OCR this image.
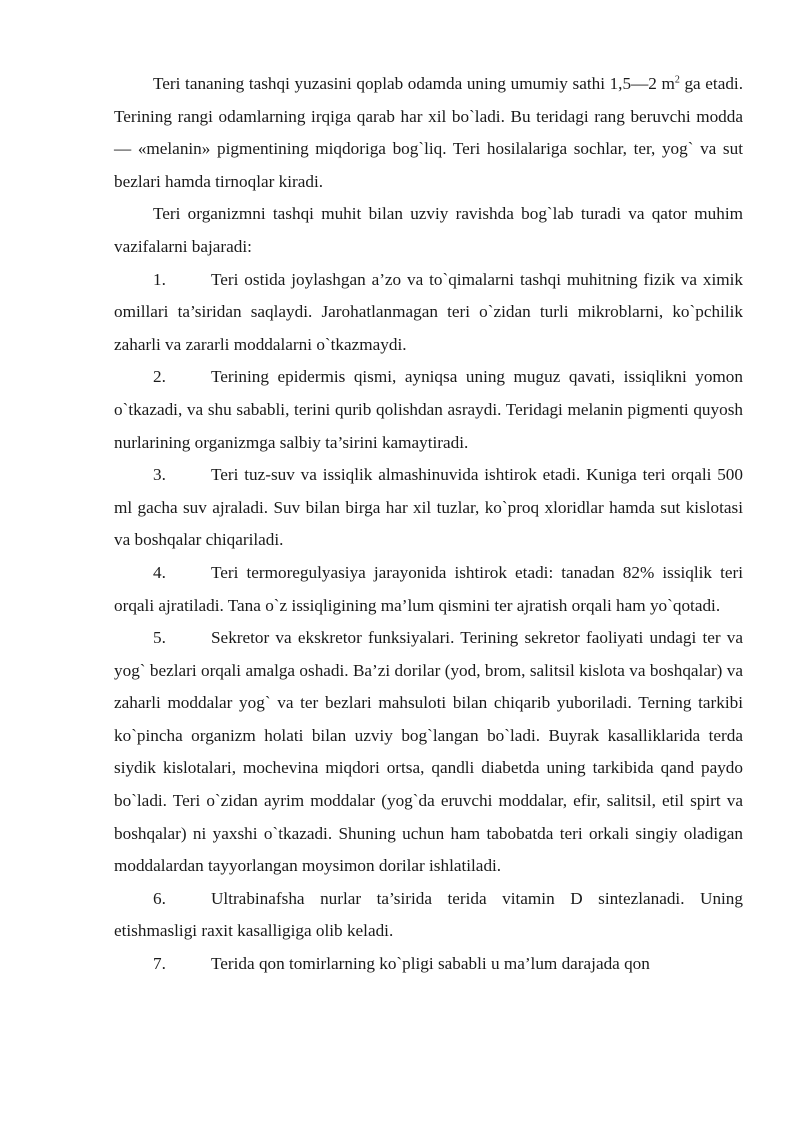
Teri tananing tashqi yuzasini qoplab odamda uning umumiy sathi 1,5—2 $m^2$ ga etadi. Terining rangi odamlarning irqiga qarab har xil bo`ladi. Bu teridagi rang beruvchi modda — «melanin» pigmentining miqdoriga bog`liq. Teri hosilalariga sochlar, ter, yog` va sut bezlari hamda tirnoqlar kiradi.

Teri organizmni tashqi muhit bilan uzviy ravishda bog`lab turadi va qator muhim vazifalarni bajaradi:

1.	Teri ostida joylashgan a’zo va to`qimalarni tashqi muhitning fizik va ximik omillari ta’siridan saqlaydi. Jarohatlanmagan teri o`zidan turli mikroblarni, ko`pchilik zaharli va zararli moddalarni o`tkazmaydi.

2.	Terining epidermis qismi, ayniqsa uning muguz qavati, issiqlikni yomon o`tkazadi, va shu sababli, terini qurib qolishdan asraydi. Teridagi melanin pigmenti quyosh nurlarining organizmga salbiy ta’sirini kamaytiradi.

3.	Teri tuz-suv va issiqlik almashinuvida ishtirok etadi. Kuniga teri orqali 500 ml gacha suv ajraladi. Suv bilan birga har xil tuzlar, ko`proq xloridlar hamda sut kislotasi va boshqalar chiqariladi.

4.	Teri termoregulyasiya jarayonida ishtirok etadi: tanadan 82% issiqlik teri orqali ajratiladi. Tana o`z issiqligining ma’lum qismini ter ajratish orqali ham yo`qotadi.

5.	Sekretor va ekskretor funksiyalari. Terining sekretor faoliyati undagi ter va yog` bezlari orqali amalga oshadi. Ba’zi dorilar (yod, brom, salitsil kislota va boshqalar) va zaharli moddalar yog` va ter bezlari mahsuloti bilan chiqarib yuboriladi. Terning tarkibi ko`pincha organizm holati bilan uzviy bog`langan bo`ladi. Buyrak kasalliklarida terda siydik kislotalari, mochevina miqdori ortsa, qandli diabetda uning tarkibida qand paydo bo`ladi. Teri o`zidan ayrim moddalar (yog`da eruvchi moddalar, efir, salitsil, etil spirt va boshqalar) ni yaxshi o`tkazadi. Shuning uchun ham tabobatda teri orkali singiy oladigan moddalardan tayyorlangan moysimon dorilar ishlatiladi.

6.	Ultrabinafsha nurlar ta’sirida terida vitamin D sintezlanadi. Uning etishmasligi raxit kasalligiga olib keladi.

7.	Terida qon tomirlarning ko`pligi sababli u ma’lum darajada qon
